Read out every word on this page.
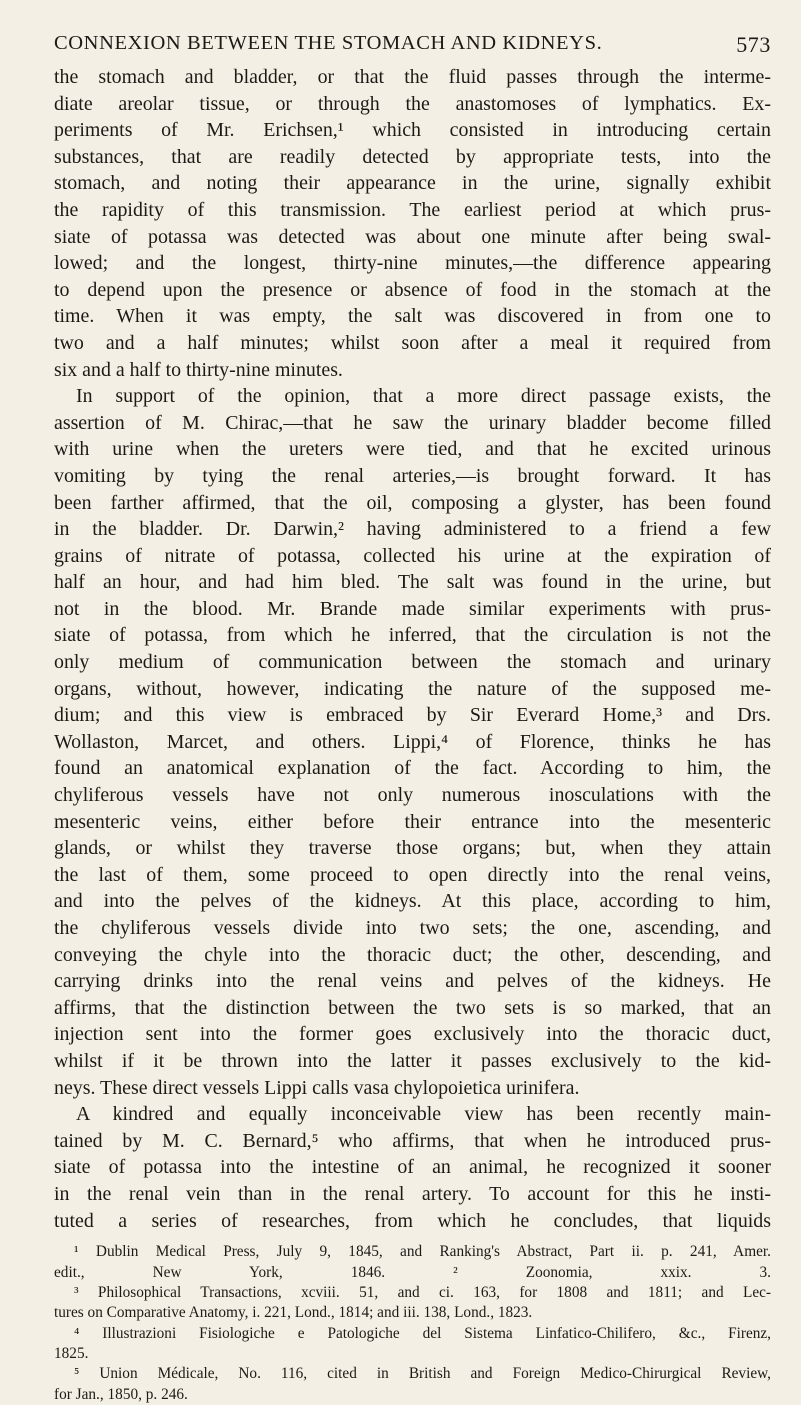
CONNEXION BETWEEN THE STOMACH AND KIDNEYS.	573
the stomach and bladder, or that the fluid passes through the interme-
diate areolar tissue, or through the anastomoses of lymphatics. Ex-
periments of Mr. Erichsen,¹ which consisted in introducing certain
substances, that are readily detected by appropriate tests, into the
stomach, and noting their appearance in the urine, signally exhibit
the rapidity of this transmission. The earliest period at which prus-
siate of potassa was detected was about one minute after being swal-
lowed; and the longest, thirty-nine minutes,—the difference appearing
to depend upon the presence or absence of food in the stomach at the
time. When it was empty, the salt was discovered in from one to
two and a half minutes; whilst soon after a meal it required from
six and a half to thirty-nine minutes.
In support of the opinion, that a more direct passage exists, the
assertion of M. Chirac,—that he saw the urinary bladder become filled
with urine when the ureters were tied, and that he excited urinous
vomiting by tying the renal arteries,—is brought forward. It has
been farther affirmed, that the oil, composing a glyster, has been found
in the bladder. Dr. Darwin,² having administered to a friend a few
grains of nitrate of potassa, collected his urine at the expiration of
half an hour, and had him bled. The salt was found in the urine, but
not in the blood. Mr. Brande made similar experiments with prus-
siate of potassa, from which he inferred, that the circulation is not the
only medium of communication between the stomach and urinary
organs, without, however, indicating the nature of the supposed me-
dium; and this view is embraced by Sir Everard Home,³ and Drs.
Wollaston, Marcet, and others. Lippi,⁴ of Florence, thinks he has
found an anatomical explanation of the fact. According to him, the
chyliferous vessels have not only numerous inosculations with the
mesenteric veins, either before their entrance into the mesenteric
glands, or whilst they traverse those organs; but, when they attain
the last of them, some proceed to open directly into the renal veins,
and into the pelves of the kidneys. At this place, according to him,
the chyliferous vessels divide into two sets; the one, ascending, and
conveying the chyle into the thoracic duct; the other, descending, and
carrying drinks into the renal veins and pelves of the kidneys. He
affirms, that the distinction between the two sets is so marked, that an
injection sent into the former goes exclusively into the thoracic duct,
whilst if it be thrown into the latter it passes exclusively to the kid-
neys. These direct vessels Lippi calls vasa chylopoietica urinifera.
A kindred and equally inconceivable view has been recently main-
tained by M. C. Bernard,⁵ who affirms, that when he introduced prus-
siate of potassa into the intestine of an animal, he recognized it sooner
in the renal vein than in the renal artery. To account for this he insti-
tuted a series of researches, from which he concludes, that liquids
¹ Dublin Medical Press, July 9, 1845, and Ranking's Abstract, Part ii. p. 241, Amer.
edit., New York, 1846. ² Zoonomia, xxix. 3.
³ Philosophical Transactions, xcviii. 51, and ci. 163, for 1808 and 1811; and Lec-
tures on Comparative Anatomy, i. 221, Lond., 1814; and iii. 138, Lond., 1823.
⁴ Illustrazioni Fisiologiche e Patologiche del Sistema Linfatico-Chilifero, &c., Firenz,
1825.
⁵ Union Médicale, No. 116, cited in British and Foreign Medico-Chirurgical Review,
for Jan., 1850, p. 246.
